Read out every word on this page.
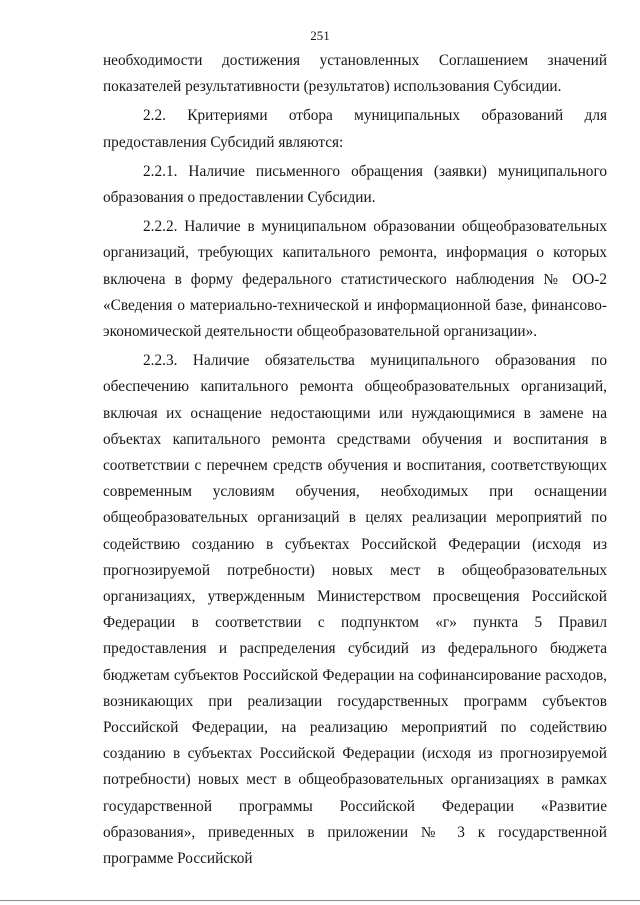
251

необходимости достижения установленных Соглашением значений показателей результативности (результатов) использования Субсидии.

2.2. Критериями отбора муниципальных образований для предоставления Субсидий являются:

2.2.1. Наличие письменного обращения (заявки) муниципального образования о предоставлении Субсидии.

2.2.2. Наличие в муниципальном образовании общеобразовательных организаций, требующих капитального ремонта, информация о которых включена в форму федерального статистического наблюдения № ОО-2 «Сведения о материально-технической и информационной базе, финансово-экономической деятельности общеобразовательной организации».

2.2.3. Наличие обязательства муниципального образования по обеспечению капитального ремонта общеобразовательных организаций, включая их оснащение недостающими или нуждающимися в замене на объектах капитального ремонта средствами обучения и воспитания в соответствии с перечнем средств обучения и воспитания, соответствующих современным условиям обучения, необходимых при оснащении общеобразовательных организаций в целях реализации мероприятий по содействию созданию в субъектах Российской Федерации (исходя из прогнозируемой потребности) новых мест в общеобразовательных организациях, утвержденным Министерством просвещения Российской Федерации в соответствии с подпунктом «г» пункта 5 Правил предоставления и распределения субсидий из федерального бюджета бюджетам субъектов Российской Федерации на софинансирование расходов, возникающих при реализации государственных программ субъектов Российской Федерации, на реализацию мероприятий по содействию созданию в субъектах Российской Федерации (исходя из прогнозируемой потребности) новых мест в общеобразовательных организациях в рамках государственной программы Российской Федерации «Развитие образования», приведенных в приложении № 3 к государственной программе Российской
